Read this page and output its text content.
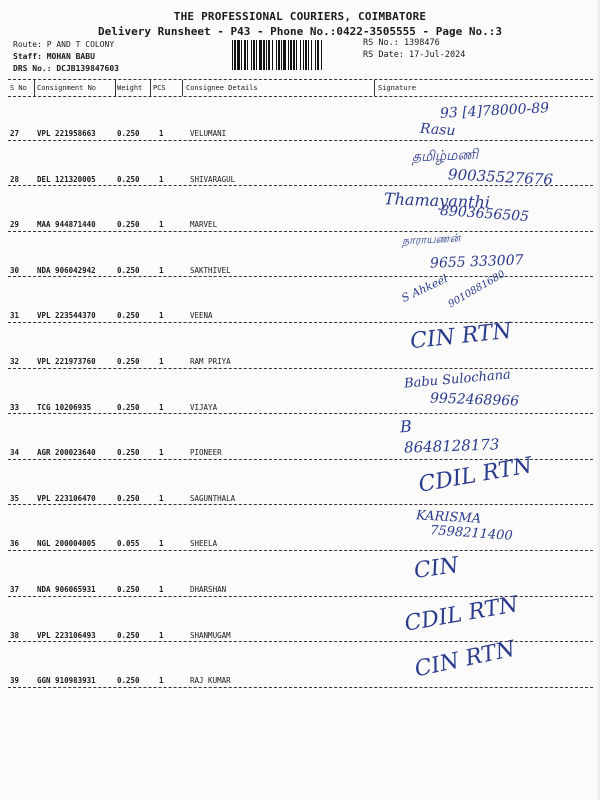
THE PROFESSIONAL COURIERS, COIMBATORE
Delivery Runsheet - P43 - Phone No.:0422-3505555 - Page No.:3
Route: P AND T COLONY
Staff: MOHAN BABU
DRS No.: DCJB139847603
RS No.: 1398476
RS Date: 17-Jul-2024
S No Consignment No	Weight PCS	Consignee Details	Signature
27 VPL 221958663	0.250	1	VELUMANI
93 [4]78000-89
Rasu
28 DEL 121320005	0.250	1	SHIVARAGUL
தமிழ்மணி
90035527676
29 MAA 944871440	0.250	1	MARVEL
Thamayanthi
8903656505
30 NDA 906042942	0.250	1	SAKTHIVEL
நாராயணன்
9655 333007
31 VPL 223544370	0.250	1	VEENA
S Ahkeel
9010881680
32 VPL 221973760	0.250	1	RAM PRIYA
CIN RTN
33 TCG 10206935	0.250	1	VIJAYA
Babu Sulochana
9952468966
34 AGR 200023640	0.250	1	PIONEER
B
8648128173
35 VPL 223106470	0.250	1	SAGUNTHALA
CDIL RTN
36 NGL 200004005	0.055	1	SHEELA
KARISMA
7598211400
37 NDA 906065931	0.250	1	DHARSHAN
CIN
38 VPL 223106493	0.250	1	SHANMUGAM	CDIL RTN
39 GGN 910983931	0.250	1	RAJ KUMAR	CIN RTN
